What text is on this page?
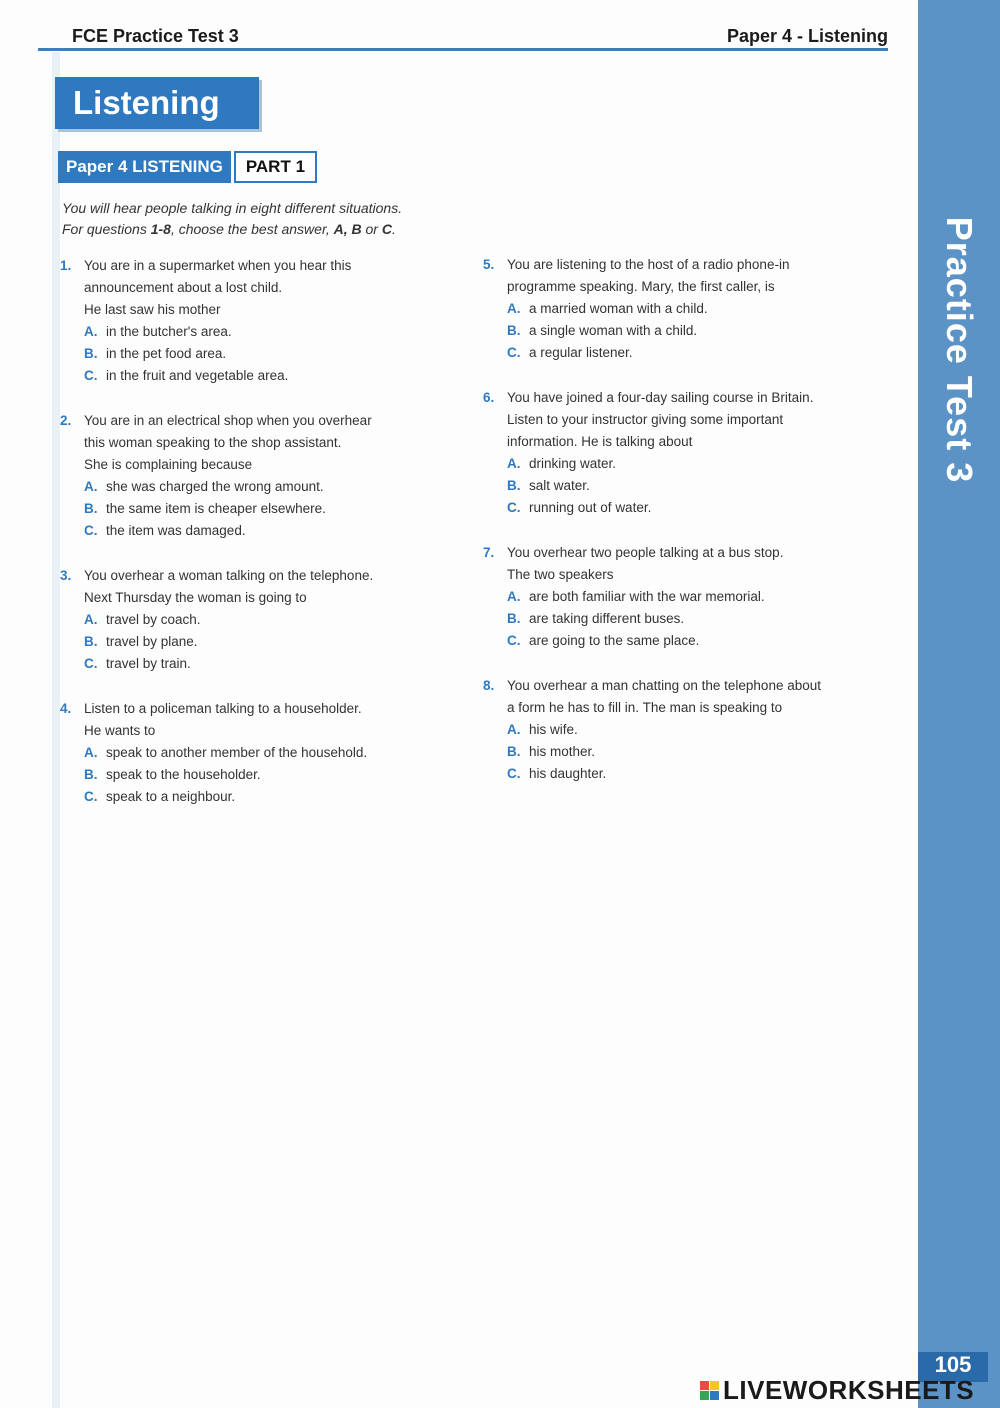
FCE Practice Test 3	Paper 4 - Listening
Listening
Paper 4 LISTENING	PART 1
You will hear people talking in eight different situations.
For questions 1-8, choose the best answer, A, B or C.
1. You are in a supermarket when you hear this
announcement about a lost child.
He last saw his mother
A. in the butcher's area.
B. in the pet food area.
C. in the fruit and vegetable area.
2. You are in an electrical shop when you overhear
this woman speaking to the shop assistant.
She is complaining because
A. she was charged the wrong amount.
B. the same item is cheaper elsewhere.
C. the item was damaged.
3. You overhear a woman talking on the telephone.
Next Thursday the woman is going to
A. travel by coach.
B. travel by plane.
C. travel by train.
4. Listen to a policeman talking to a householder.
He wants to
A. speak to another member of the household.
B. speak to the householder.
C. speak to a neighbour.
5. You are listening to the host of a radio phone-in
programme speaking. Mary, the first caller, is
A. a married woman with a child.
B. a single woman with a child.
C. a regular listener.
6. You have joined a four-day sailing course in Britain.
Listen to your instructor giving some important
information. He is talking about
A. drinking water.
B. salt water.
C. running out of water.
7. You overhear two people talking at a bus stop.
The two speakers
A. are both familiar with the war memorial.
B. are taking different buses.
C. are going to the same place.
8. You overhear a man chatting on the telephone about
a form he has to fill in. The man is speaking to
A. his wife.
B. his mother.
C. his daughter.
Practice Test 3
105
LIVEWORKSHEETS
